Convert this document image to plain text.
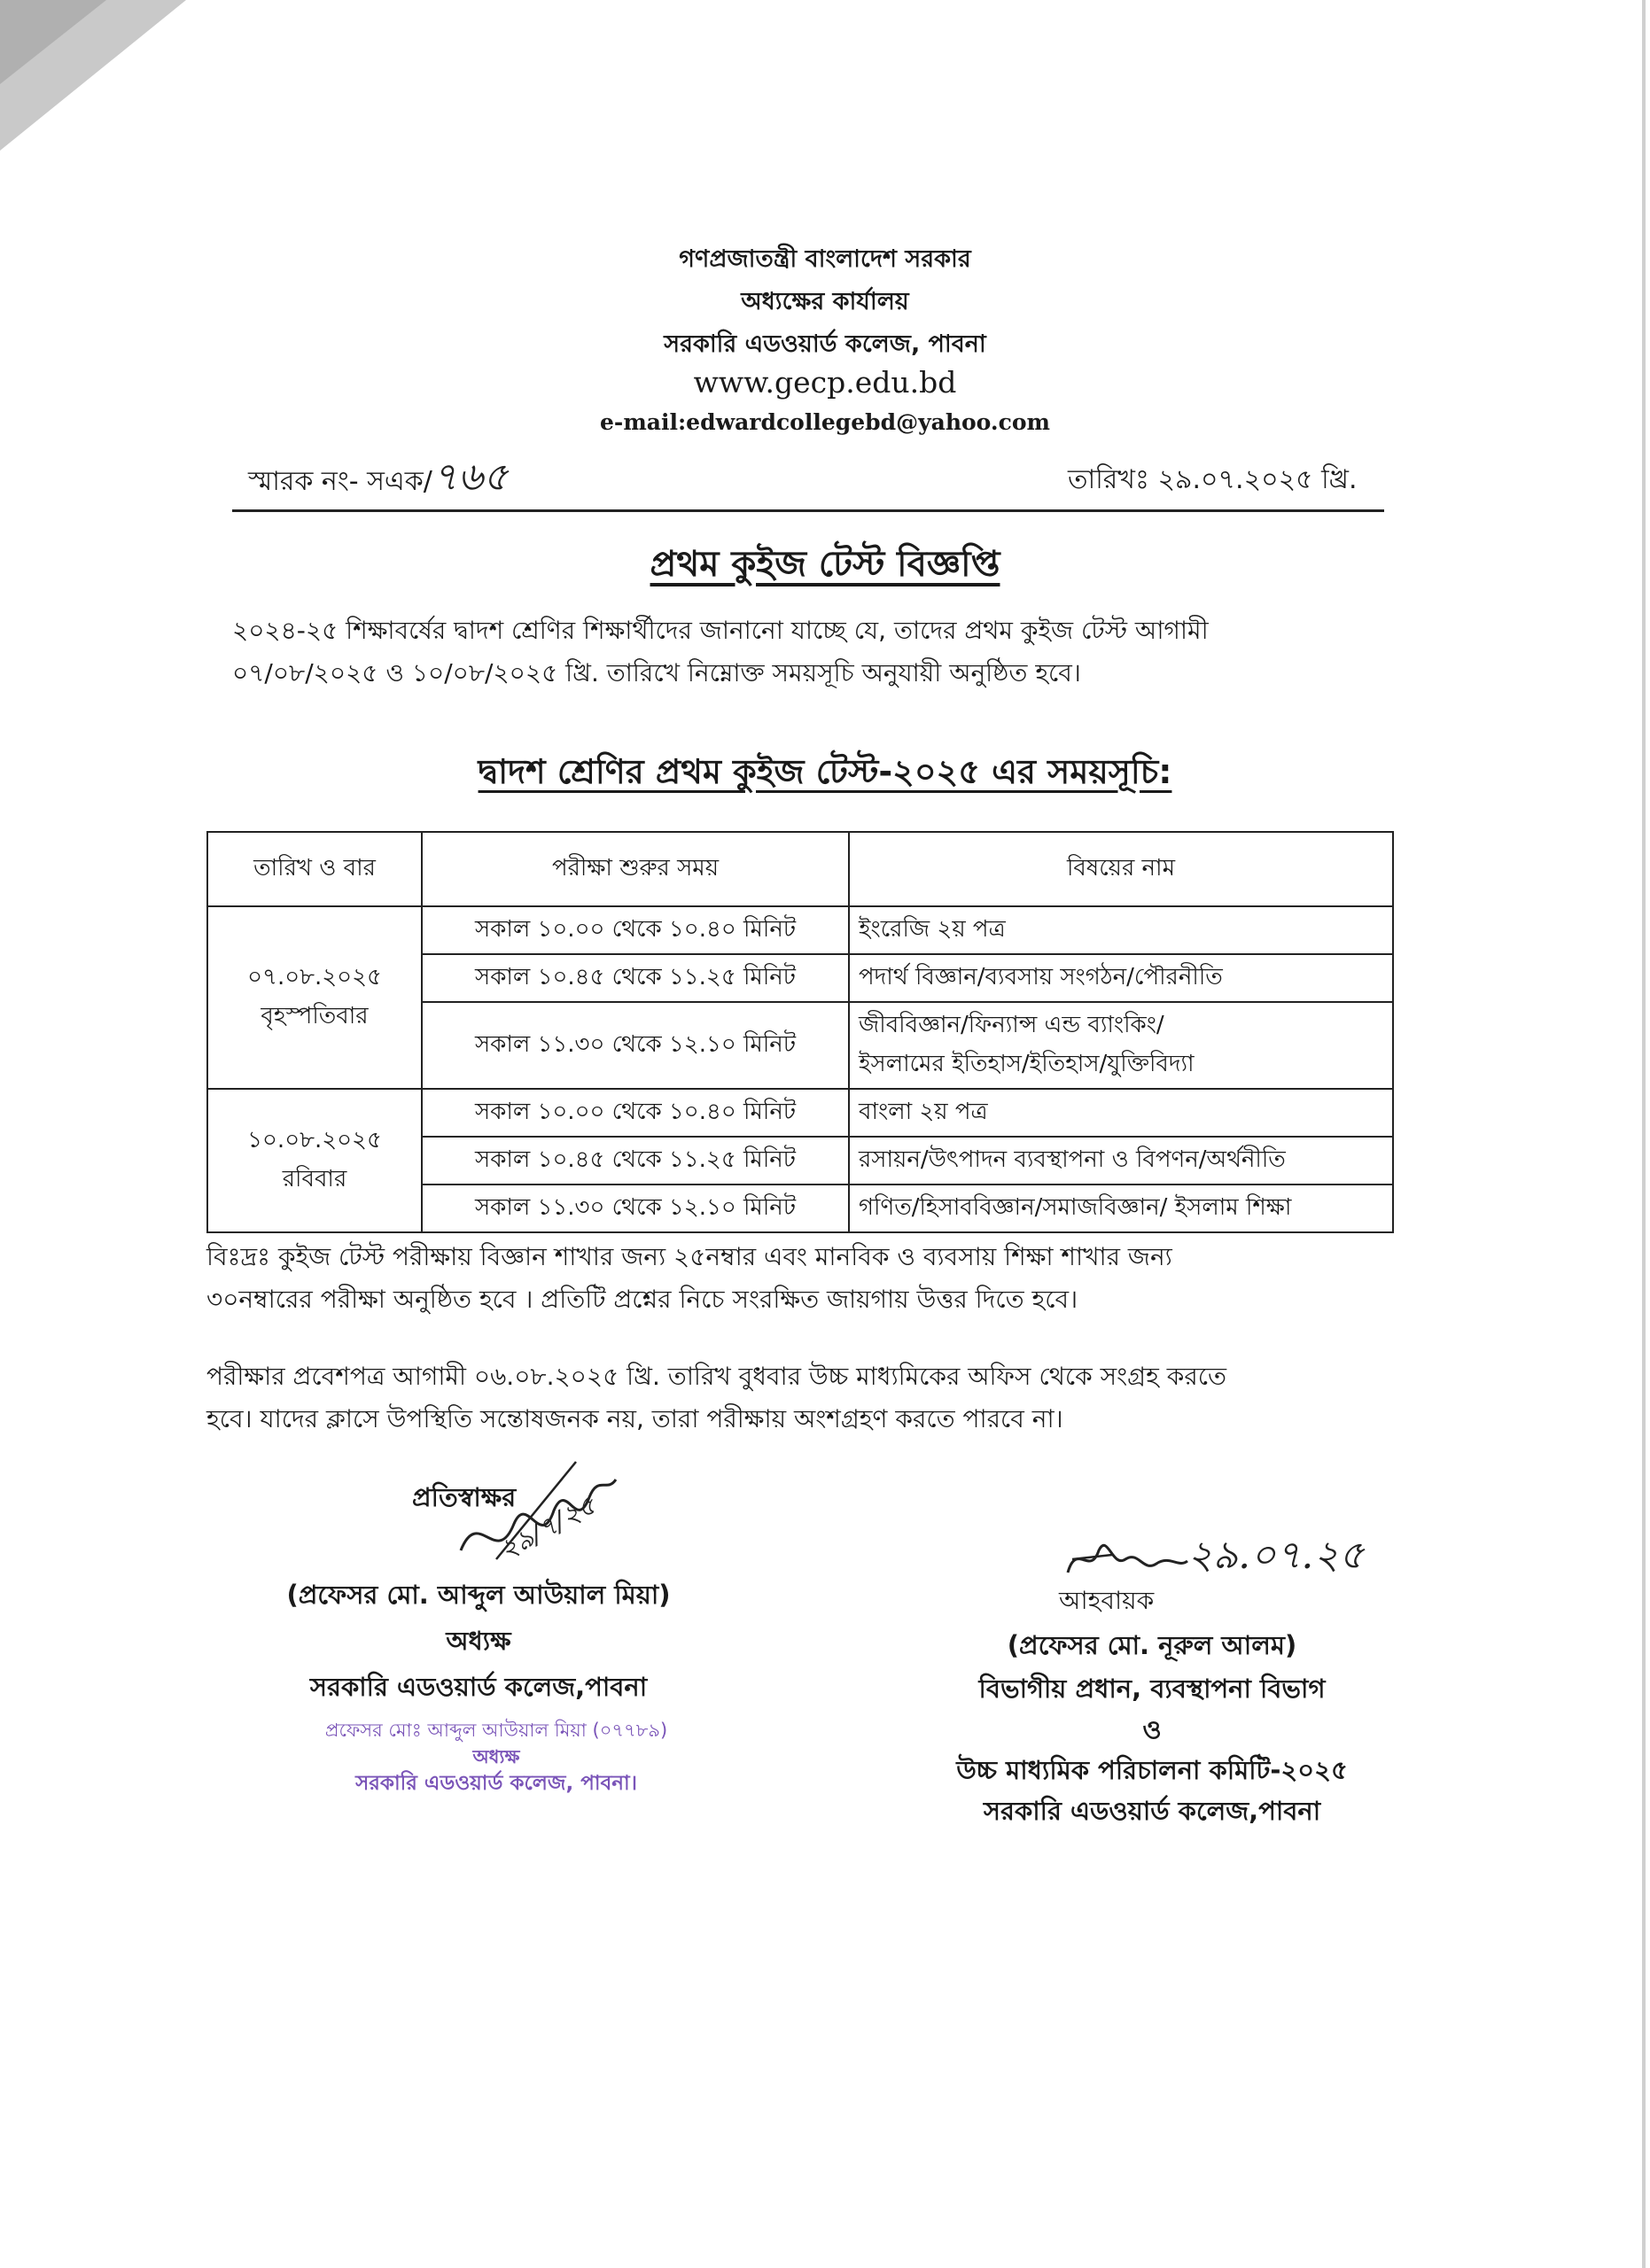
গণপ্রজাতন্ত্রী বাংলাদেশ সরকার
অধ্যক্ষের কার্যালয়
সরকারি এডওয়ার্ড কলেজ, পাবনা
www.gecp.edu.bd
e-mail:edwardcollegebd@yahoo.com
স্মারক নং- সএক/৭৬৫	তারিখঃ ২৯.০৭.২০২৫ খ্রি.
প্রথম কুইজ টেস্ট বিজ্ঞপ্তি
২০২৪-২৫ শিক্ষাবর্ষের দ্বাদশ শ্রেণির শিক্ষার্থীদের জানানো যাচ্ছে যে, তাদের প্রথম কুইজ টেস্ট আগামী
০৭/০৮/২০২৫ ও ১০/০৮/২০২৫ খ্রি. তারিখে নিম্নোক্ত সময়সূচি অনুযায়ী অনুষ্ঠিত হবে।
দ্বাদশ শ্রেণির প্রথম কুইজ টেস্ট-২০২৫ এর সময়সূচি:
তারিখ ও বার	পরীক্ষা শুরুর সময়	বিষয়ের নাম

০৭.০৮.২০২৫
বৃহস্পতিবার	সকাল ১০.০০ থেকে ১০.৪০ মিনিট	ইংরেজি ২য় পত্র
	সকাল ১০.৪৫ থেকে ১১.২৫ মিনিট	পদার্থ বিজ্ঞান/ব্যবসায় সংগঠন/পৌরনীতি
	সকাল ১১.৩০ থেকে ১২.১০ মিনিট	জীববিজ্ঞান/ফিন্যান্স এন্ড ব্যাংকিং/
ইসলামের ইতিহাস/ইতিহাস/যুক্তিবিদ্যা

১০.০৮.২০২৫
রবিবার	সকাল ১০.০০ থেকে ১০.৪০ মিনিট	বাংলা ২য় পত্র
	সকাল ১০.৪৫ থেকে ১১.২৫ মিনিট	রসায়ন/উৎপাদন ব্যবস্থাপনা ও বিপণন/অর্থনীতি
	সকাল ১১.৩০ থেকে ১২.১০ মিনিট	গণিত/হিসাববিজ্ঞান/সমাজবিজ্ঞান/ ইসলাম শিক্ষা
বিঃদ্রঃ কুইজ টেস্ট পরীক্ষায় বিজ্ঞান শাখার জন্য ২৫নম্বার এবং মানবিক ও ব্যবসায় শিক্ষা শাখার জন্য
৩০নম্বারের পরীক্ষা অনুষ্ঠিত হবে । প্রতিটি প্রশ্নের নিচে সংরক্ষিত জায়গায় উত্তর দিতে হবে।
পরীক্ষার প্রবেশপত্র আগামী ০৬.০৮.২০২৫ খ্রি. তারিখ বুধবার উচ্চ মাধ্যমিকের অফিস থেকে সংগ্রহ করতে
হবে। যাদের ক্লাসে উপস্থিতি সন্তোষজনক নয়, তারা পরীক্ষায় অংশগ্রহণ করতে পারবে না।
প্রতিস্বাক্ষর
২৯/৭/২৫
(প্রফেসর মো. আব্দুল আউয়াল মিয়া)
অধ্যক্ষ
সরকারি এডওয়ার্ড কলেজ,পাবনা
প্রফেসর মোঃ আব্দুল আউয়াল মিয়া (০৭৭৮৯)
অধ্যক্ষ
সরকারি এডওয়ার্ড কলেজ, পাবনা।
২৯.০৭.২৫
আহবায়ক
(প্রফেসর মো. নূরুল আলম)
বিভাগীয় প্রধান, ব্যবস্থাপনা বিভাগ
ও
উচ্চ মাধ্যমিক পরিচালনা কমিটি-২০২৫
সরকারি এডওয়ার্ড কলেজ,পাবনা
